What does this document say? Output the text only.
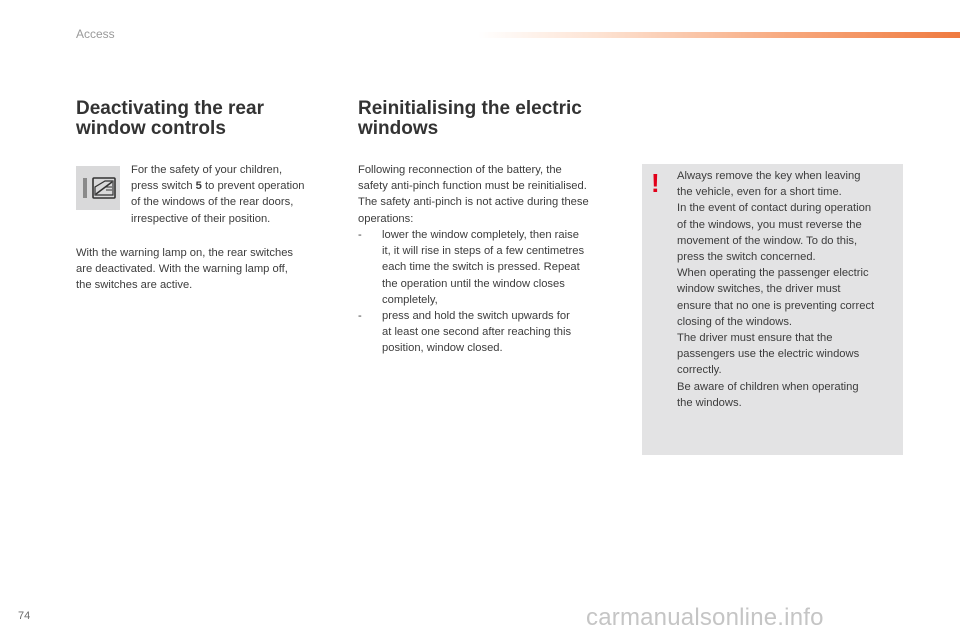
Access
Deactivating the rear
window controls

For the safety of your children,
press switch 5 to prevent operation
of the windows of the rear doors,
irrespective of their position.

With the warning lamp on, the rear switches
are deactivated. With the warning lamp off,
the switches are active.

Reinitialising the electric
windows

Following reconnection of the battery, the
safety anti-pinch function must be reinitialised.
The safety anti-pinch is not active during these
operations:

- lower the window completely, then raise
it, it will rise in steps of a few centimetres
each time the switch is pressed. Repeat
the operation until the window closes
completely,
- press and hold the switch upwards for
at least one second after reaching this
position, window closed.
! Always remove the key when leaving
the vehicle, even for a short time.
In the event of contact during operation
of the windows, you must reverse the
movement of the window. To do this,
press the switch concerned.
When operating the passenger electric
window switches, the driver must
ensure that no one is preventing correct
closing of the windows.
The driver must ensure that the
passengers use the electric windows
correctly.
Be aware of children when operating
the windows.
74	carmanualsonline.info
